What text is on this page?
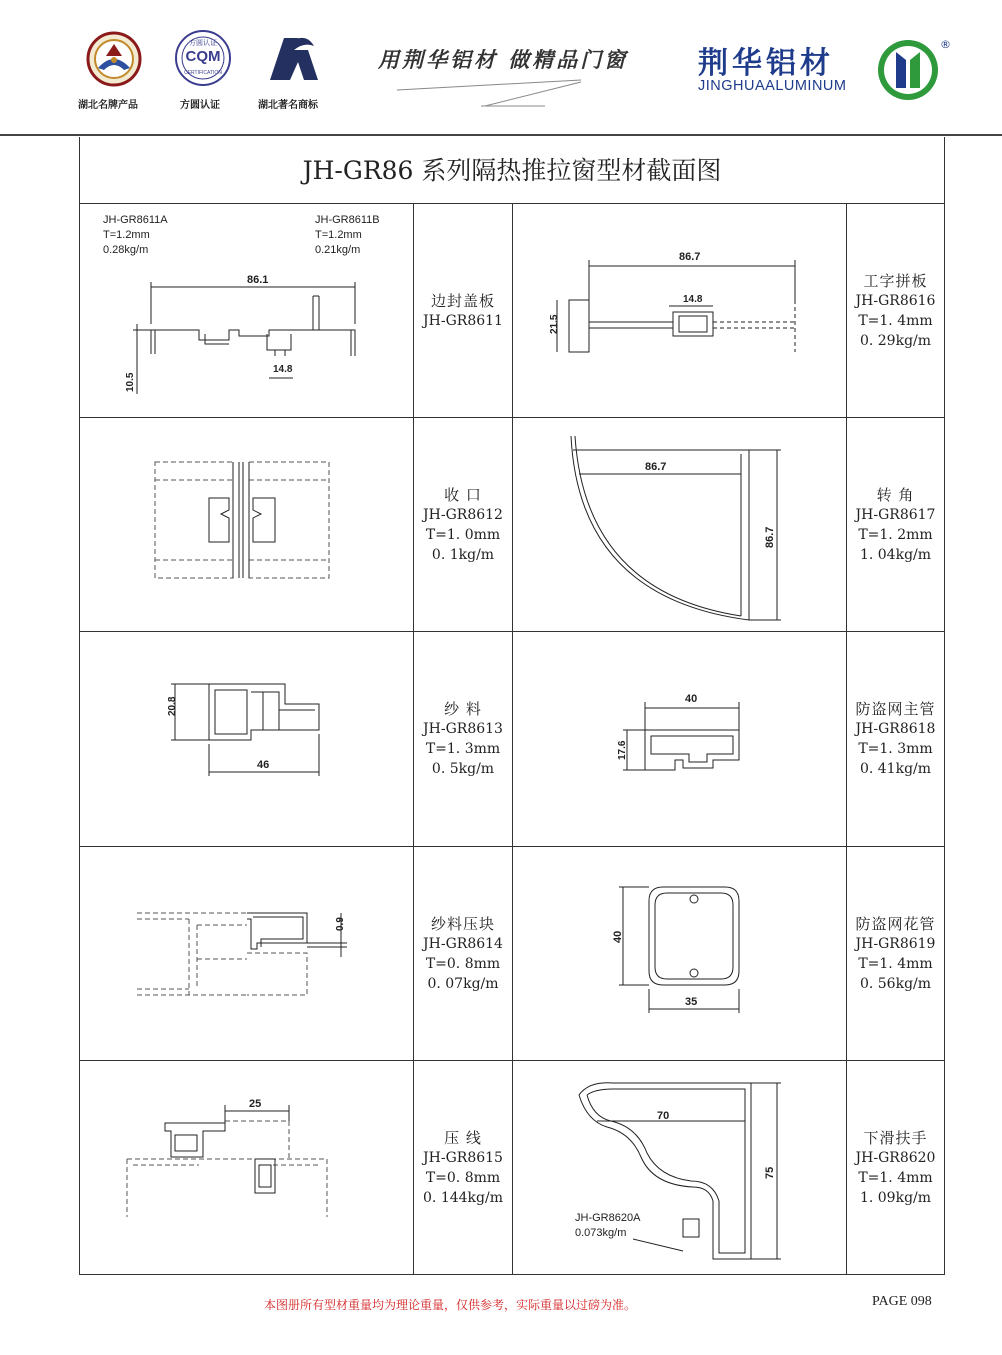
湖北名牌产品
方圆认证
CERTIFICATION
CQM
方圆认证	湖北著名商标
用荆华铝材 做精品门窗 荆华铝材
JINGHUAALUMINUM
®
JH-GR86 系列隔热推拉窗型材截面图
JH-GR8611A
T=1.2mm
0.28kg/m
JH-GR8611B
T=1.2mm
0.21kg/m
86.1
10.5
14.8
边封盖板
JH-GR8611
86.7
14.8
21.5
工字拼板
JH-GR8616
T=1. 4mm
0. 29kg/m
收 口
JH-GR8612
T=1. 0mm
0. 1kg/m
86.7
86.7
转 角
JH-GR8617
T=1. 2mm
1. 04kg/m
20.8
46
纱 料
JH-GR8613
T=1. 3mm
0. 5kg/m
40
17.6
防盗网主管
JH-GR8618
T=1. 3mm
0. 41kg/m
0.9	纱料压块
JH-GR8614
T=0. 8mm
0. 07kg/m
40
35
防盗网花管
JH-GR8619
T=1. 4mm
0. 56kg/m
25
压 线
JH-GR8615
T=0. 8mm
0. 144kg/m
70
75
JH-GR8620A
0.073kg/m
下滑扶手
JH-GR8620
T=1. 4mm
1. 09kg/m
本图册所有型材重量均为理论重量，仅供参考，实际重量以过磅为准。	PAGE 098
